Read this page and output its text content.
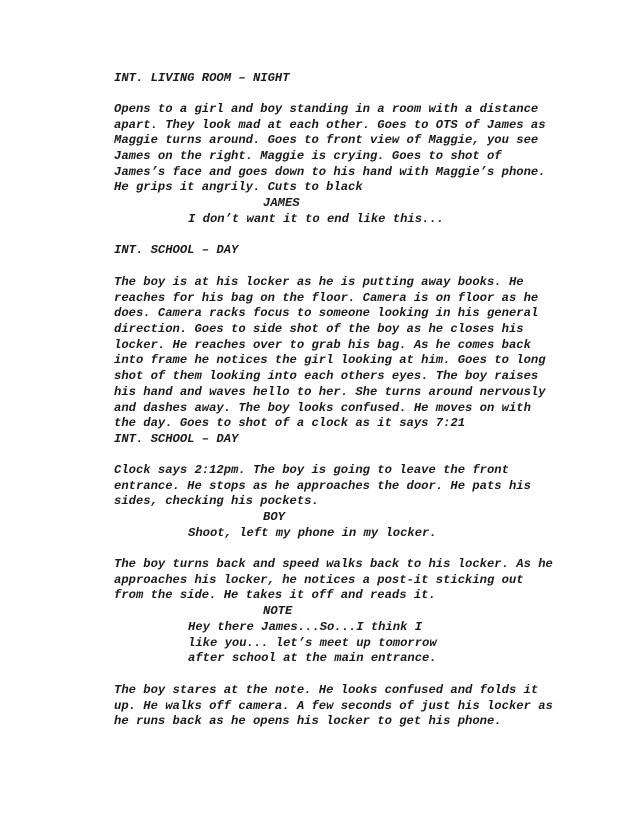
INT. LIVING ROOM – NIGHT
Opens to a girl and boy standing in a room with a distance
apart. They look mad at each other. Goes to OTS of James as
Maggie turns around. Goes to front view of Maggie, you see
James on the right. Maggie is crying. Goes to shot of
James’s face and goes down to his hand with Maggie’s phone.
He grips it angrily. Cuts to black
JAMES
I don’t want it to end like this...
INT. SCHOOL – DAY
The boy is at his locker as he is putting away books. He
reaches for his bag on the floor. Camera is on floor as he
does. Camera racks focus to someone looking in his general
direction. Goes to side shot of the boy as he closes his
locker. He reaches over to grab his bag. As he comes back
into frame he notices the girl looking at him. Goes to long
shot of them looking into each others eyes. The boy raises
his hand and waves hello to her. She turns around nervously
and dashes away. The boy looks confused. He moves on with
the day. Goes to shot of a clock as it says 7:21
INT. SCHOOL – DAY
Clock says 2:12pm. The boy is going to leave the front
entrance. He stops as he approaches the door. He pats his
sides, checking his pockets.
BOY
Shoot, left my phone in my locker.
The boy turns back and speed walks back to his locker. As he
approaches his locker, he notices a post-it sticking out
from the side. He takes it off and reads it.
NOTE
Hey there James...So...I think I
like you... let’s meet up tomorrow
after school at the main entrance.
The boy stares at the note. He looks confused and folds it
up. He walks off camera. A few seconds of just his locker as
he runs back as he opens his locker to get his phone.
